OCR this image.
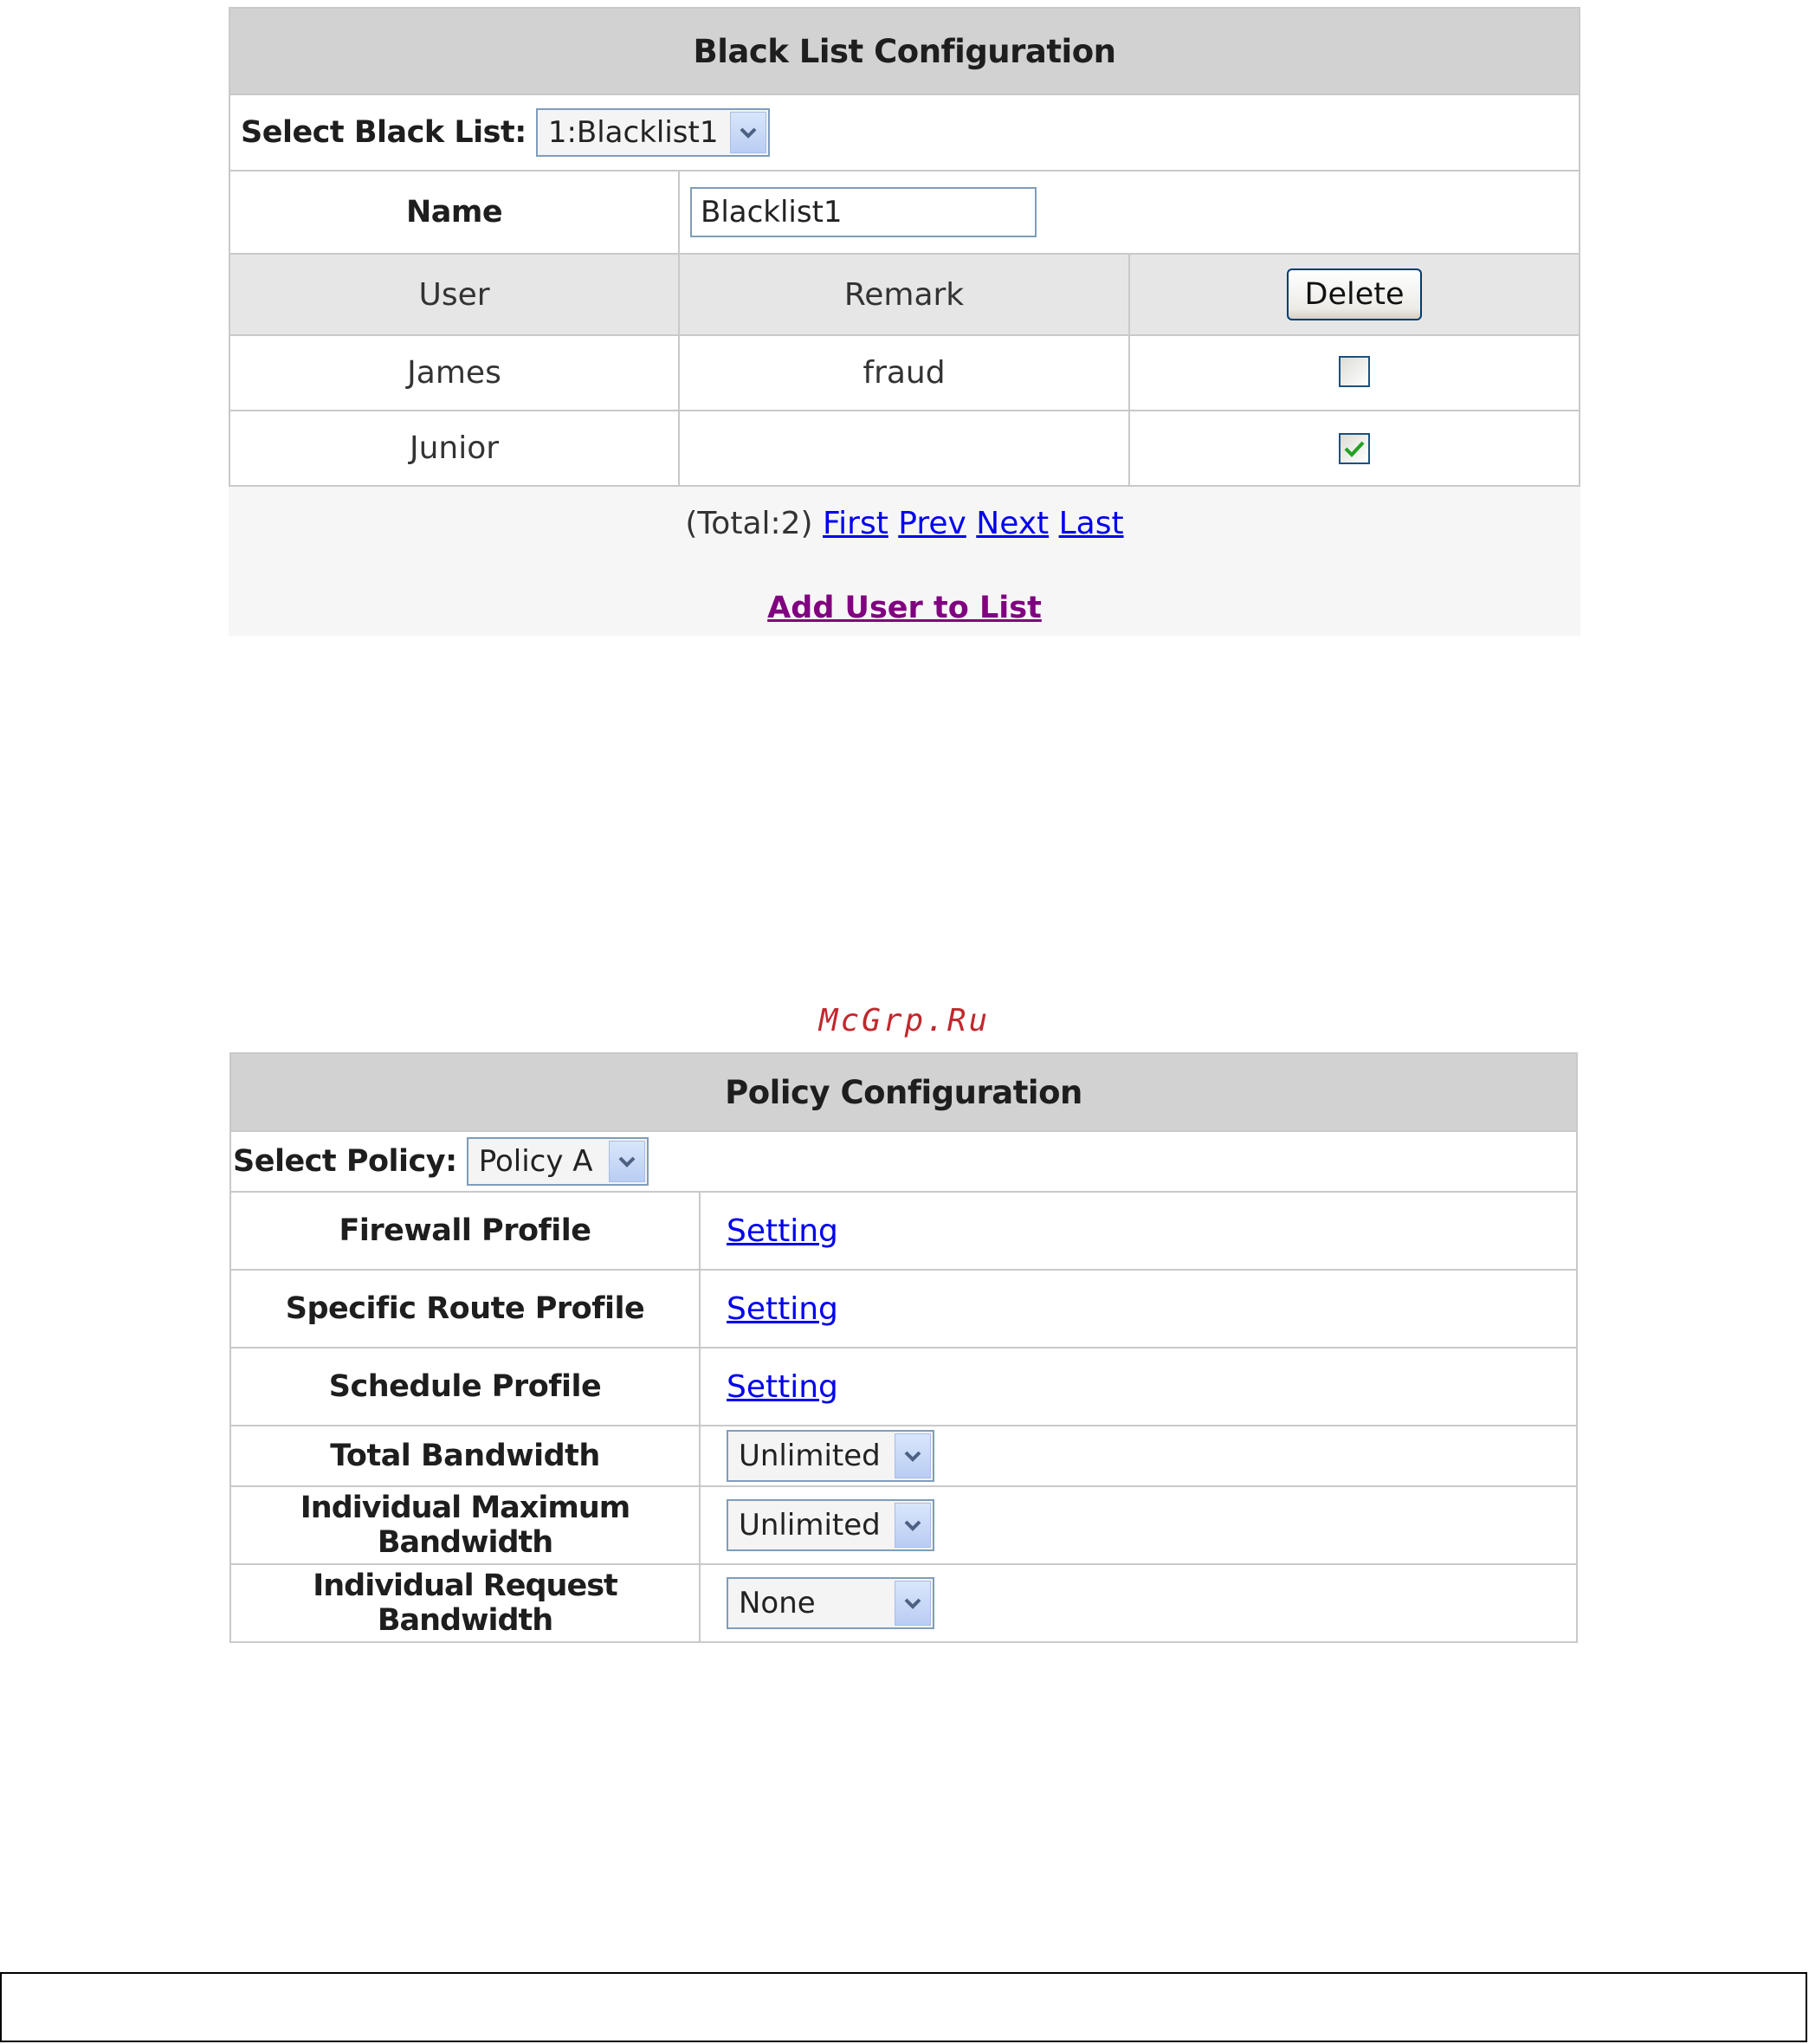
Black List Configuration		
Select Black List: 1:Blacklist1		

Name	Blacklist1	
User	Remark	Delete
James	fraud	
Junior		
(Total:2) First Prev Next Last
Add User to List
McGrp.Ru
Policy Configuration	
Select Policy: Policy A	

Firewall Profile	Setting
Specific Route Profile	Setting
Schedule Profile	Setting
Total Bandwidth	Unlimited

Individual Maximum Bandwidth	Unlimited

Individual Request Bandwidth	None
